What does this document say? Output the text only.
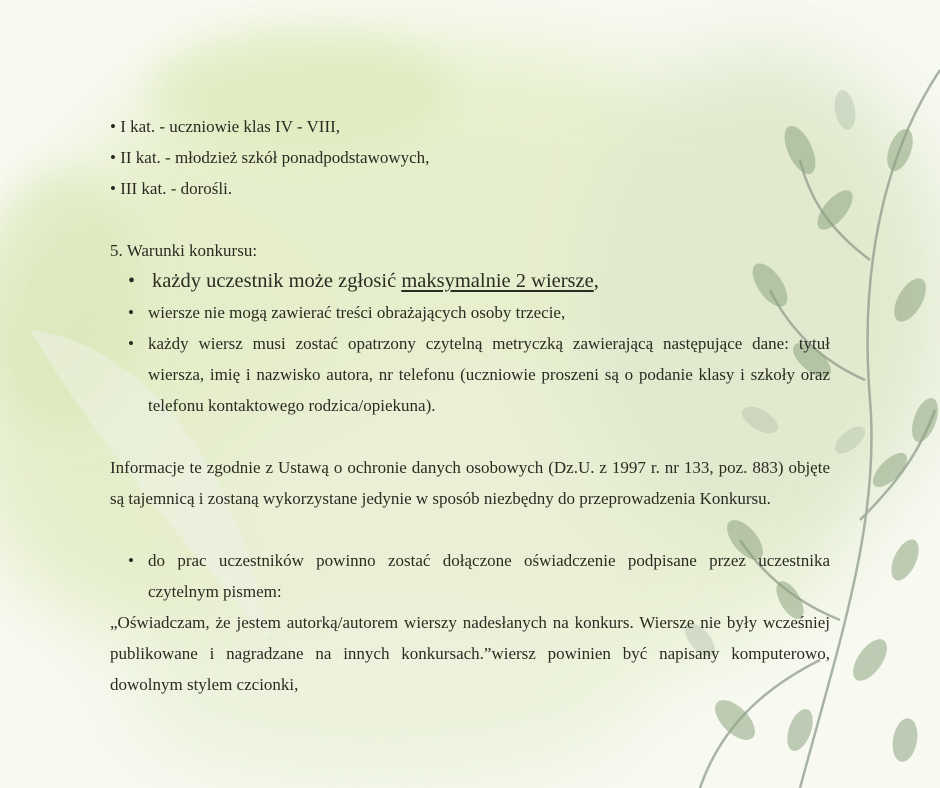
• I kat. - uczniowie klas IV - VIII,

• II kat. - młodzież szkół ponadpodstawowych,

• III kat. - dorośli.

5. Warunki konkursu:

• każdy uczestnik może zgłosić maksymalnie 2 wiersze,
• wiersze nie mogą zawierać treści obrażających osoby trzecie,
• każdy wiersz musi zostać opatrzony czytelną metryczką zawierającą następujące dane: tytuł wiersza, imię i nazwisko autora, nr telefonu (uczniowie proszeni są o podanie klasy i szkoły oraz telefonu kontaktowego rodzica/opiekuna).

Informacje te zgodnie z Ustawą o ochronie danych osobowych (Dz.U. z 1997 r. nr 133, poz. 883) objęte są tajemnicą i zostaną wykorzystane jedynie w sposób niezbędny do przeprowadzenia Konkursu.

• do prac uczestników powinno zostać dołączone oświadczenie podpisane przez uczestnika czytelnym pismem:

„Oświadczam, że jestem autorką/autorem wierszy nadesłanych na konkurs. Wiersze nie były wcześniej publikowane i nagradzane na innych konkursach.”wiersz powinien być napisany komputerowo, dowolnym stylem czcionki,
